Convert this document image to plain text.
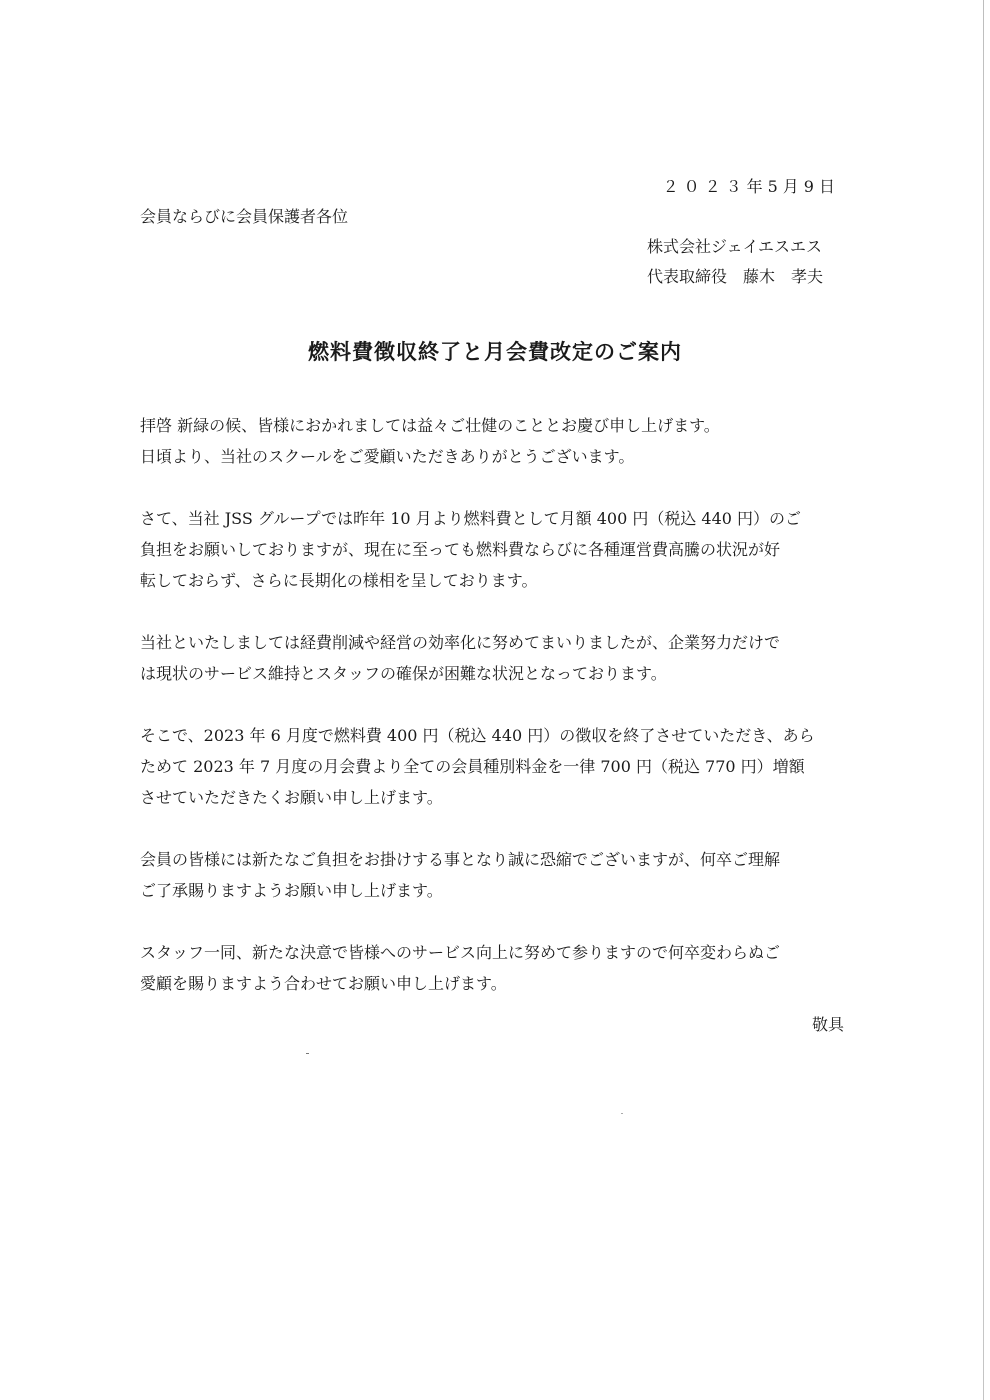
２０２３年5月9日
会員ならびに会員保護者各位
株式会社ジェイエスエス
代表取締役　藤木　孝夫
燃料費徴収終了と月会費改定のご案内

拝啓 新緑の候、皆様におかれましては益々ご壮健のこととお慶び申し上げます。
日頃より、当社のスクールをご愛顧いただきありがとうございます。

さて、当社 JSS グループでは昨年 10 月より燃料費として月額 400 円（税込 440 円）のご
負担をお願いしておりますが、現在に至っても燃料費ならびに各種運営費高騰の状況が好
転しておらず、さらに長期化の様相を呈しております。

当社といたしましては経費削減や経営の効率化に努めてまいりましたが、企業努力だけで
は現状のサービス維持とスタッフの確保が困難な状況となっております。

そこで、2023 年 6 月度で燃料費 400 円（税込 440 円）の徴収を終了させていただき、あら
ためて 2023 年 7 月度の月会費より全ての会員種別料金を一律 700 円（税込 770 円）増額
させていただきたくお願い申し上げます。

会員の皆様には新たなご負担をお掛けする事となり誠に恐縮でございますが、何卒ご理解
ご了承賜りますようお願い申し上げます。

スタッフ一同、新たな決意で皆様へのサービス向上に努めて参りますので何卒変わらぬご
愛顧を賜りますよう合わせてお願い申し上げます。

敬具
